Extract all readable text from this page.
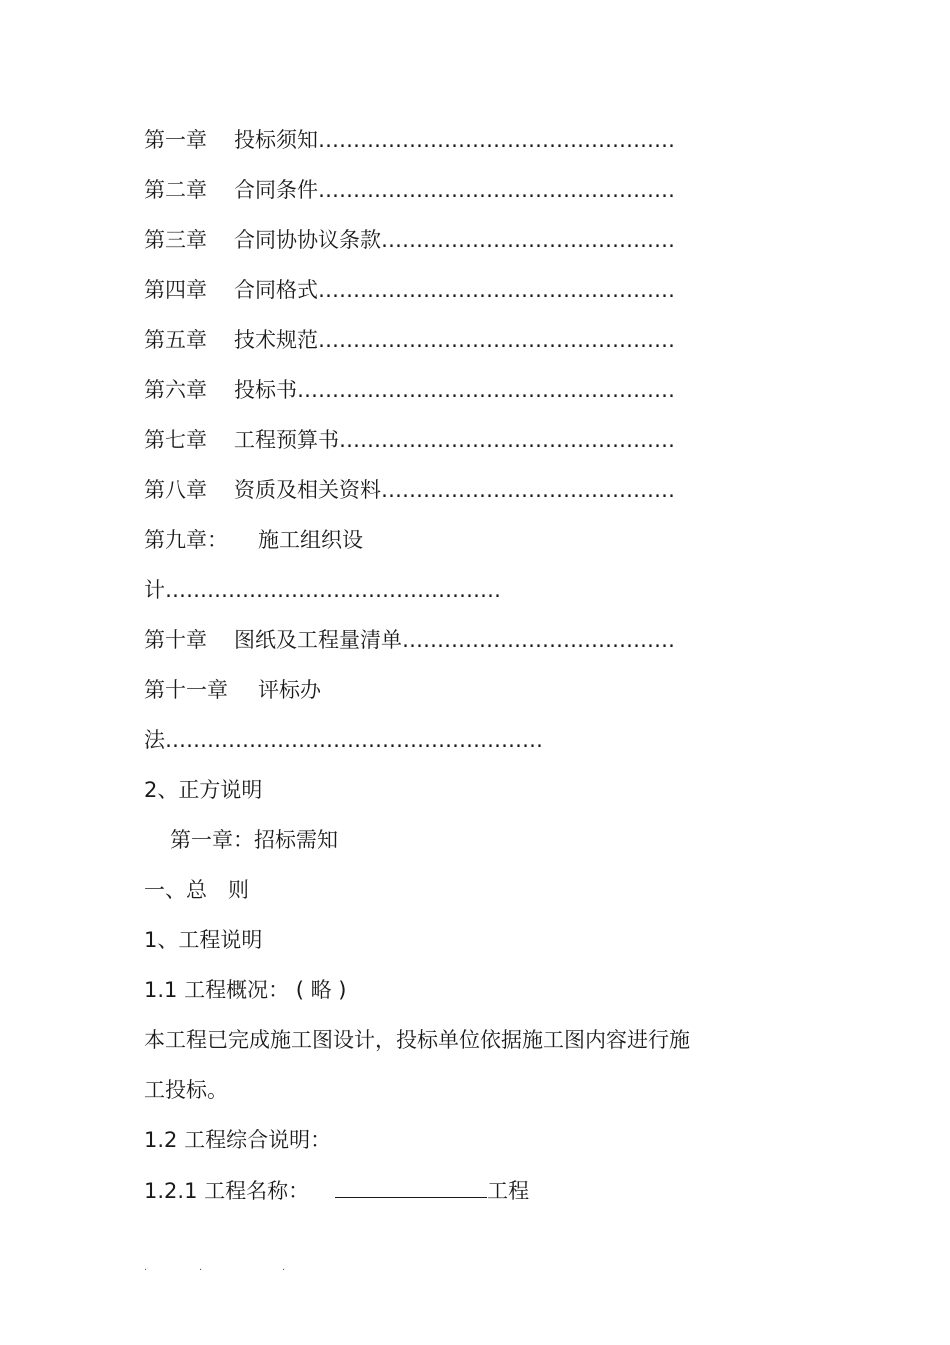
第一章	投标须知 ……………………………………………
第二章	合同条件 ……………………………………………
第三章	合同协协议条款 ……………………………………
第四章	合同格式 ……………………………………………
第五章	技术规范 ……………………………………………
第六章	投标书 ………………………………………………
第七章	工程预算书 …………………………………………
第八章	资质及相关资料 ……………………………………
第九章： 施工组织设
计…………………………………………
第十章	图纸及工程量清单 …………………………………
第十一章 评标办
法………………………………………………
2、正方说明
第一章：招标需知
一、总　则
1、工程说明
1.1 工程概况： ( 略 )
本工程已完成施工图设计，投标单位依据施工图内容进行施
工投标。
1.2 工程综合说明：
1.2.1 工程名称：	工程
.	.	.
